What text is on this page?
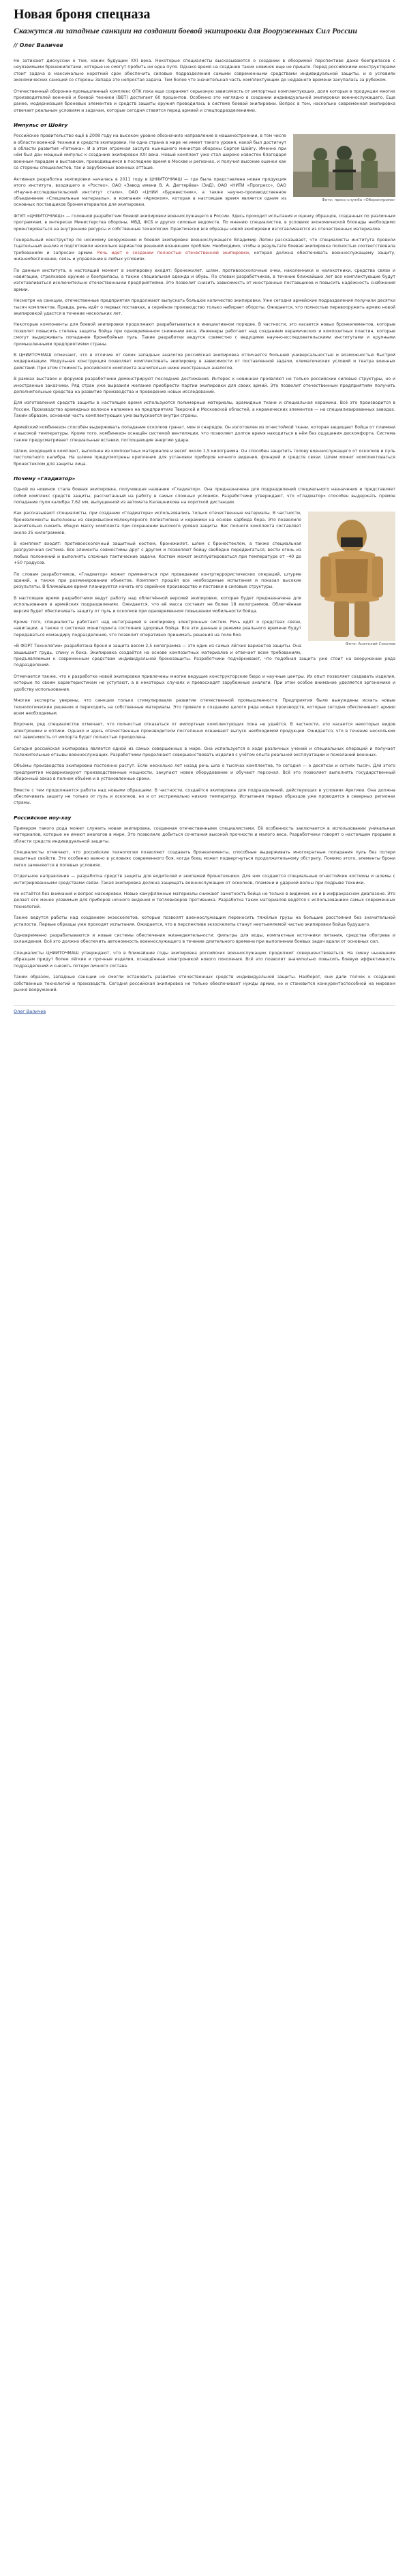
Новая броня спецназа
Скажутся ли западные санкции на создании боевой экипировки для Вооруженных Сил России
// Олег Валичев

Не затихают дискуссии о том, каким будущим XXI века. Некоторые специалисты высказываются о создании в обозримой перспективе даже боеприпасов с неуязвимыми бронежилетами, которые не смогут пробить ни одна пуля. Однако время на создание таких новинок еще не пришло. Перед российскими конструкторами стоит задача в максимально короткий срок обеспечить силовые подразделения самыми современными средствами индивидуальной защиты, и в условиях экономических санкций со стороны Запада это непростая задача. Тем более что значительная часть комплектующих до недавнего времени закупалась за рубежом.

Отечественный оборонно-промышленный комплекс ОПК пока еще сохраняет серьезную зависимость от импортных комплектующих, доля которых в продукции многих производителей военной и боевой техники (ВВТ) достигает 60 процентов. Особенно это наглядно в создании индивидуальной экипировки военнослужащего. Еще ранее, модернизация броневых элементов и средств защиты оружия проводилась в системе боевой экипировки. Вопрос в том, насколько современная экипировка отвечает реальным условиям и задачам, которые сегодня ставятся перед армией и спецподразделениями.

Импульс от Шойгу
Фото: пресс-служба «Оборонпрома»

Российское правительство ещё в 2008 году на высоком уровне обозначило направление в машиностроении, в том числе в области военной техники и средств экипировки. Ни одна страна в мире не имеет такого уровня, какой был достигнут в области развития «Ратника». И в этом огромная заслуга нынешнего министра обороны Сергея Шойгу. Именно при нём был дан мощный импульс к созданию экипировки XXI века. Новый комплект уже стал широко известен благодаря военным парадам и выставкам, проводившимся в последнее время в Москве и регионах, и получил высокие оценки как со стороны специалистов, так и зарубежных военных атташе.

Активная разработка экипировки началась в 2011 году в ЦНИИТОЧМАШ — где была представлена новая продукция этого института, входящего в «Ростех». ОАО «Завод имени В. А. Дегтярёва» (ЗиД), ОАО «НИТИ «Прогресс», ОАО «Научно-исследовательский институт стали», ОАО «ЦНИИ «Буревестник», а также научно-производственное объединение «Специальные материалы», и компания «Армоком», которая в настоящее время является одним из основных поставщиков бронематериалов для экипировки.

ФГУП «ЦНИИТОЧМАШ» — головной разработчик боевой экипировки военнослужащего в России. Здесь проходит испытания и оценку образцов, созданных по различным программам, в интересах Министерства обороны, МВД, ФСБ и других силовых ведомств. По мнению специалистов, в условиях экономической блокады необходимо ориентироваться на внутренние ресурсы и собственные технологии. Практически все образцы новой экипировки изготавливаются из отечественных материалов.

Генеральный конструктор по носимому вооружению и боевой экипировке военнослужащего Владимир Лепин рассказывает, что специалисты института провели тщательный анализ и подготовили несколько вариантов решений возникших проблем. Необходимо, чтобы в результате боевая экипировка полностью соответствовала требованиям и запросам армии. Речь идет о создании полностью отечественной экипировки, которая должна обеспечивать военнослужащему защиту, жизнеобеспечение, связь и управление в любых условиях.

По данным института, в настоящий момент в экипировку входят: бронежилет, шлем, противоосколочные очки, наколенники и налокотники, средства связи и навигации, стрелковое оружие и боеприпасы, а также специальная одежда и обувь. По словам разработчиков, в течение ближайших лет все комплектующие будут изготавливаться исключительно отечественными предприятиями. Это позволит снизить зависимость от иностранных поставщиков и повысить надёжность снабжения армии.

Несмотря на санкции, отечественные предприятия продолжают выпускать большое количество экипировки. Уже сегодня армейские подразделения получили десятки тысяч комплектов. Правда, речь идёт о первых поставках, а серийное производство только набирает обороты. Ожидается, что полностью перевооружить армию новой экипировкой удастся в течение нескольких лет.

Некоторые компоненты для боевой экипировки продолжают разрабатываться в инициативном порядке. В частности, это касается новых бронеэлементов, которые позволят повысить степень защиты бойца при одновременном снижении веса. Инженеры работают над созданием керамических и композитных пластин, которые смогут выдерживать попадание бронебойных пуль. Такие разработки ведутся совместно с ведущими научно-исследовательскими институтами и крупными промышленными предприятиями страны.

В ЦНИИТОЧМАШ отмечают, что в отличие от своих западных аналогов российская экипировка отличается большей универсальностью и возможностью быстрой модернизации. Модульная конструкция позволяет комплектовать экипировку в зависимости от поставленной задачи, климатических условий и театра военных действий. При этом стоимость российского комплекта значительно ниже иностранных аналогов.

В рамках выставок и форумов разработчики демонстрируют последние достижения. Интерес к новинкам проявляют не только российские силовые структуры, но и иностранные заказчики. Ряд стран уже выразили желание приобрести партии экипировки для своих армий. Это позволит отечественным предприятиям получить дополнительные средства на развитие производства и проведение новых исследований.

Для изготовления средств защиты в настоящее время используются полимерные материалы, арамидные ткани и специальная керамика. Всё это производится в России. Производство арамидных волокон налажено на предприятиях Тверской и Московской областей, а керамических элементов — на специализированных заводах. Таким образом, основная часть комплектующих уже выпускается внутри страны.

Армейский комбинезон способен выдерживать попадание осколков гранат, мин и снарядов. Он изготовлен из огнестойкой ткани, которая защищает бойца от пламени и высокой температуры. Кроме того, комбинезон оснащён системой вентиляции, что позволяет долгое время находиться в нём без ощущения дискомфорта. Система также предусматривает специальные вставки, поглощающие энергию удара.

Шлем, входящий в комплект, выполнен из композитных материалов и весит около 1,5 килограмма. Он способен защитить голову военнослужащего от осколков и пуль пистолетного калибра. На шлеме предусмотрены крепления для установки приборов ночного видения, фонарей и средств связи. Шлем может комплектоваться бронестеклом для защиты лица.

Почему «Гладиатор»

Одной из новинок стала боевая экипировка, получившая название «Гладиатор». Она предназначена для подразделений специального назначения и представляет собой комплекс средств защиты, рассчитанный на работу в самых сложных условиях. Разработчики утверждают, что «Гладиатор» способен выдержать прямое попадание пули калибра 7,62 мм, выпущенной из автомата Калашникова на короткой дистанции.

Фото: Анатолий Соколов

Как рассказывают специалисты, при создании «Гладиатора» использовались только отечественные материалы. В частности, бронеэлементы выполнены из сверхвысокомолекулярного полиэтилена и керамики на основе карбида бора. Это позволило значительно снизить общую массу комплекта при сохранении высокого уровня защиты. Вес полного комплекта составляет около 25 килограммов.

В комплект входят: противоосколочный защитный костюм, бронежилет, шлем с бронестеклом, а также специальная разгрузочная система. Все элементы совместимы друг с другом и позволяют бойцу свободно передвигаться, вести огонь из любых положений и выполнять сложные тактические задачи. Костюм может эксплуатироваться при температуре от –40 до +50 градусов.

По словам разработчиков, «Гладиатор» может применяться при проведении контртеррористических операций, штурме зданий, а также при разминировании объектов. Комплект прошёл все необходимые испытания и показал высокие результаты. В ближайшее время планируется начать его серийное производство и поставки в силовые структуры.

В настоящее время разработчики ведут работу над облегчённой версией экипировки, которая будет предназначена для использования в армейских подразделениях. Ожидается, что её масса составит не более 18 килограммов. Облегчённая версия будет обеспечивать защиту от пуль и осколков при одновременном повышении мобильности бойца.

Кроме того, специалисты работают над интеграцией в экипировку электронных систем. Речь идёт о средствах связи, навигации, а также о системах мониторинга состояния здоровья бойца. Все эти данные в режиме реального времени будут передаваться командиру подразделения, что позволит оперативно принимать решения на поле боя.

«В ФОРТ Технологии» разработана броня и защита весом 2,5 килограмма — это один из самых лёгких вариантов защиты. Она защищает грудь, спину и бока. Экипировка создаётся на основе композитных материалов и отвечает всем требованиям, предъявляемым к современным средствам индивидуальной бронезащиты. Разработчики подчёркивают, что подобная защита уже стоит на вооружении ряда подразделений.

Отмечается также, что к разработке новой экипировки привлечены многие ведущие конструкторские бюро и научные центры. Их опыт позволяет создавать изделия, которые по своим характеристикам не уступают, а в некоторых случаях и превосходят зарубежные аналоги. При этом особое внимание уделяется эргономике и удобству использования.

Многие эксперты уверены, что санкции только стимулировали развитие отечественной промышленности. Предприятия были вынуждены искать новые технологические решения и переходить на собственные материалы. Это привело к созданию целого ряда новых производств, которые сегодня обеспечивают армию всем необходимым.

Впрочем, ряд специалистов отмечает, что полностью отказаться от импортных комплектующих пока не удаётся. В частности, это касается некоторых видов электроники и оптики. Однако и здесь отечественные производители постепенно осваивают выпуск необходимой продукции. Ожидается, что в течение нескольких лет зависимость от импорта будет полностью преодолена.

Сегодня российская экипировка является одной из самых совершенных в мире. Она используется в ходе различных учений и специальных операций и получает положительные отзывы военнослужащих. Разработчики продолжают совершенствовать изделия с учётом опыта реальной эксплуатации и пожеланий военных.

Объёмы производства экипировки постоянно растут. Если несколько лет назад речь шла о тысячах комплектов, то сегодня — о десятках и сотнях тысяч. Для этого предприятия модернизируют производственные мощности, закупают новое оборудование и обучают персонал. Всё это позволяет выполнять государственный оборонный заказ в полном объёме и в установленные сроки.

Вместе с тем продолжается работа над новыми образцами. В частности, создаётся экипировка для подразделений, действующих в условиях Арктики. Она должна обеспечивать защиту не только от пуль и осколков, но и от экстремально низких температур. Испытания первых образцов уже проводятся в северных регионах страны.

Российское ноу-хау

Примером такого рода может служить новая экипировка, созданная отечественными специалистами. Её особенность заключается в использовании уникальных материалов, которые не имеют аналогов в мире. Это позволило добиться сочетания высокой прочности и малого веса. Разработчики говорят о настоящем прорыве в области средств индивидуальной защиты.

Специалисты отмечают, что российские технологии позволяют создавать бронеэлементы, способные выдерживать многократные попадания пуль без потери защитных свойств. Это особенно важно в условиях современного боя, когда боец может подвергнуться продолжительному обстрелу. Помимо этого, элементы брони легко заменяются в полевых условиях.

Отдельное направление — разработка средств защиты для водителей и экипажей бронетехники. Для них создаются специальные огнестойкие костюмы и шлемы с интегрированными средствами связи. Такая экипировка должна защищать военнослужащих от осколков, пламени и ударной волны при подрыве техники.

Не остаётся без внимания и вопрос маскировки. Новые камуфляжные материалы снижают заметность бойца не только в видимом, но и в инфракрасном диапазоне. Это делает его менее уязвимым для приборов ночного видения и тепловизоров противника. Разработка таких материалов ведётся с использованием самых современных технологий.

Также ведутся работы над созданием экзоскелетов, которые позволят военнослужащим переносить тяжёлые грузы на большие расстояния без значительной усталости. Первые образцы уже проходят испытания. Ожидается, что в перспективе экзоскелеты станут неотъемлемой частью экипировки бойца будущего.

Одновременно разрабатываются и новые системы обеспечения жизнедеятельности: фильтры для воды, компактные источники питания, средства обогрева и охлаждения. Всё это должно обеспечить автономность военнослужащего в течение длительного времени при выполнении боевых задач вдали от основных сил.

Специалисты ЦНИИТОЧМАШ утверждают, что в ближайшие годы экипировка российских военнослужащих продолжит совершенствоваться. На смену нынешним образцам придут более лёгкие и прочные изделия, оснащённые электроникой нового поколения. Всё это позволит значительно повысить боевую эффективность подразделений и снизить потери личного состава.

Таким образом, западные санкции не смогли остановить развитие отечественных средств индивидуальной защиты. Наоборот, они дали толчок к созданию собственных технологий и производств. Сегодня российская экипировка не только обеспечивает нужды армии, но и становится конкурентоспособной на мировом рынке вооружений.

Олег Валичев
